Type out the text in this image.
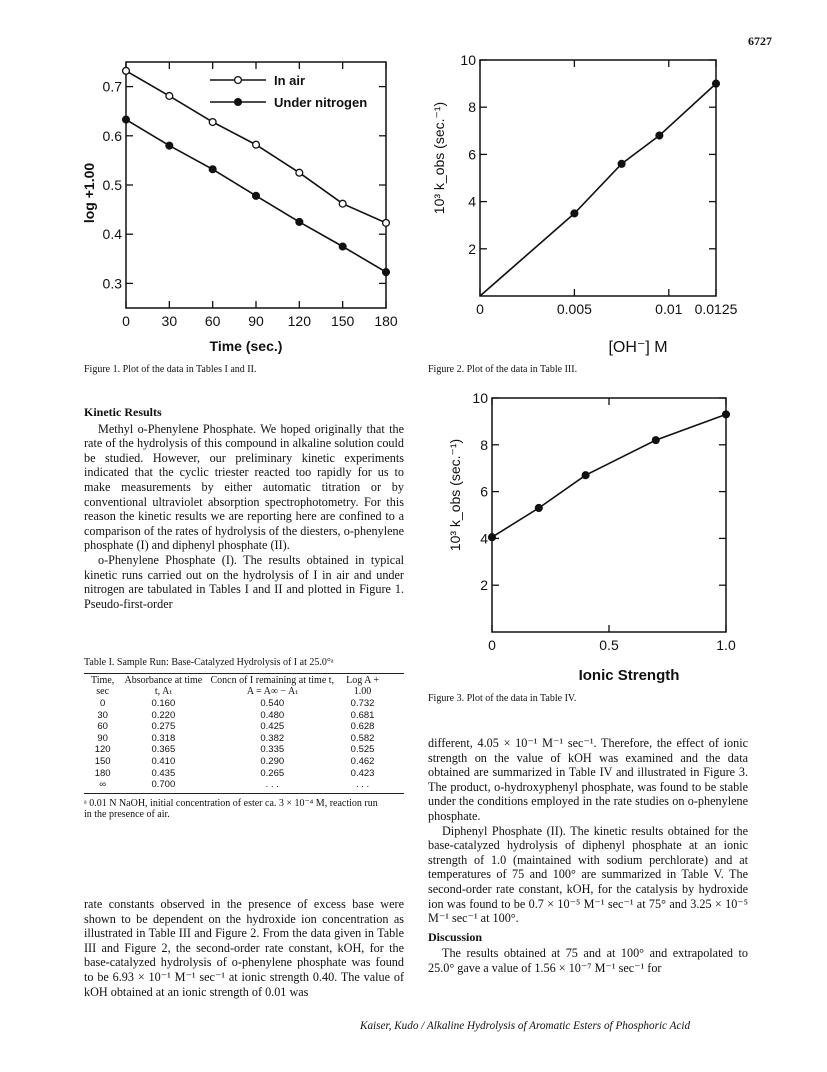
6727
0 30 60 90 120 150 180
0.3
0.4
0.5
0.6
0.7	In air
Under nitrogen
Time (sec.)
log +1.00
Figure 1. Plot of the data in Tables I and II.
0	0.005	0.01 0.0125
2
4
6
8
10
[OH⁻] M
10³ k_obs (sec.⁻¹)
Figure 2. Plot of the data in Table III.
0	0.5	1.0
2
4
6
8
10
Ionic Strength
10³ k_obs (sec.⁻¹)
Figure 3. Plot of the data in Table IV.
Kinetic Results

Methyl o-Phenylene Phosphate. We hoped originally that the rate of the hydrolysis of this compound in alkaline solution could be studied. However, our preliminary kinetic experiments indicated that the cyclic triester reacted too rapidly for us to make measurements by either automatic titration or by conventional ultraviolet absorption spectrophotometry. For this reason the kinetic results we are reporting here are confined to a comparison of the rates of hydrolysis of the diesters, o-phenylene phosphate (I) and diphenyl phosphate (II).

o-Phenylene Phosphate (I). The results obtained in typical kinetic runs carried out on the hydrolysis of I in air and under nitrogen are tabulated in Tables I and II and plotted in Figure 1. Pseudo-first-order

Table I. Sample Run: Base-Catalyzed Hydrolysis of I at 25.0°ᵃ
Time, sec	Absorbance at time t, Aₜ	Concn of I remaining at time t, A = A∞ − Aₜ	Log A + 1.00
0	0.160	0.540	0.732
30	0.220	0.480	0.681
60	0.275	0.425	0.628
90	0.318	0.382	0.582
120	0.365	0.335	0.525
150	0.410	0.290	0.462
180	0.435	0.265	0.423
∞	0.700	. . .	. . .
ᵃ 0.01 N NaOH, initial concentration of ester ca. 3 × 10⁻⁴ M, reaction run in the presence of air.

rate constants observed in the presence of excess base were shown to be dependent on the hydroxide ion concentration as illustrated in Table III and Figure 2. From the data given in Table III and Figure 2, the second-order rate constant, kOH, for the base-catalyzed hydrolysis of o-phenylene phosphate was found to be 6.93 × 10⁻¹ M⁻¹ sec⁻¹ at ionic strength 0.40. The value of kOH obtained at an ionic strength of 0.01 was

different, 4.05 × 10⁻¹ M⁻¹ sec⁻¹. Therefore, the effect of ionic strength on the value of kOH was examined and the data obtained are summarized in Table IV and illustrated in Figure 3. The product, o-hydroxyphenyl phosphate, was found to be stable under the conditions employed in the rate studies on o-phenylene phosphate.

Diphenyl Phosphate (II). The kinetic results obtained for the base-catalyzed hydrolysis of diphenyl phosphate at an ionic strength of 1.0 (maintained with sodium perchlorate) and at temperatures of 75 and 100° are summarized in Table V. The second-order rate constant, kOH, for the catalysis by hydroxide ion was found to be 0.7 × 10⁻⁵ M⁻¹ sec⁻¹ at 75° and 3.25 × 10⁻⁵ M⁻¹ sec⁻¹ at 100°.

Discussion

The results obtained at 75 and at 100° and extrapolated to 25.0° gave a value of 1.56 × 10⁻⁷ M⁻¹ sec⁻¹ for

Kaiser, Kudo / Alkaline Hydrolysis of Aromatic Esters of Phosphoric Acid
